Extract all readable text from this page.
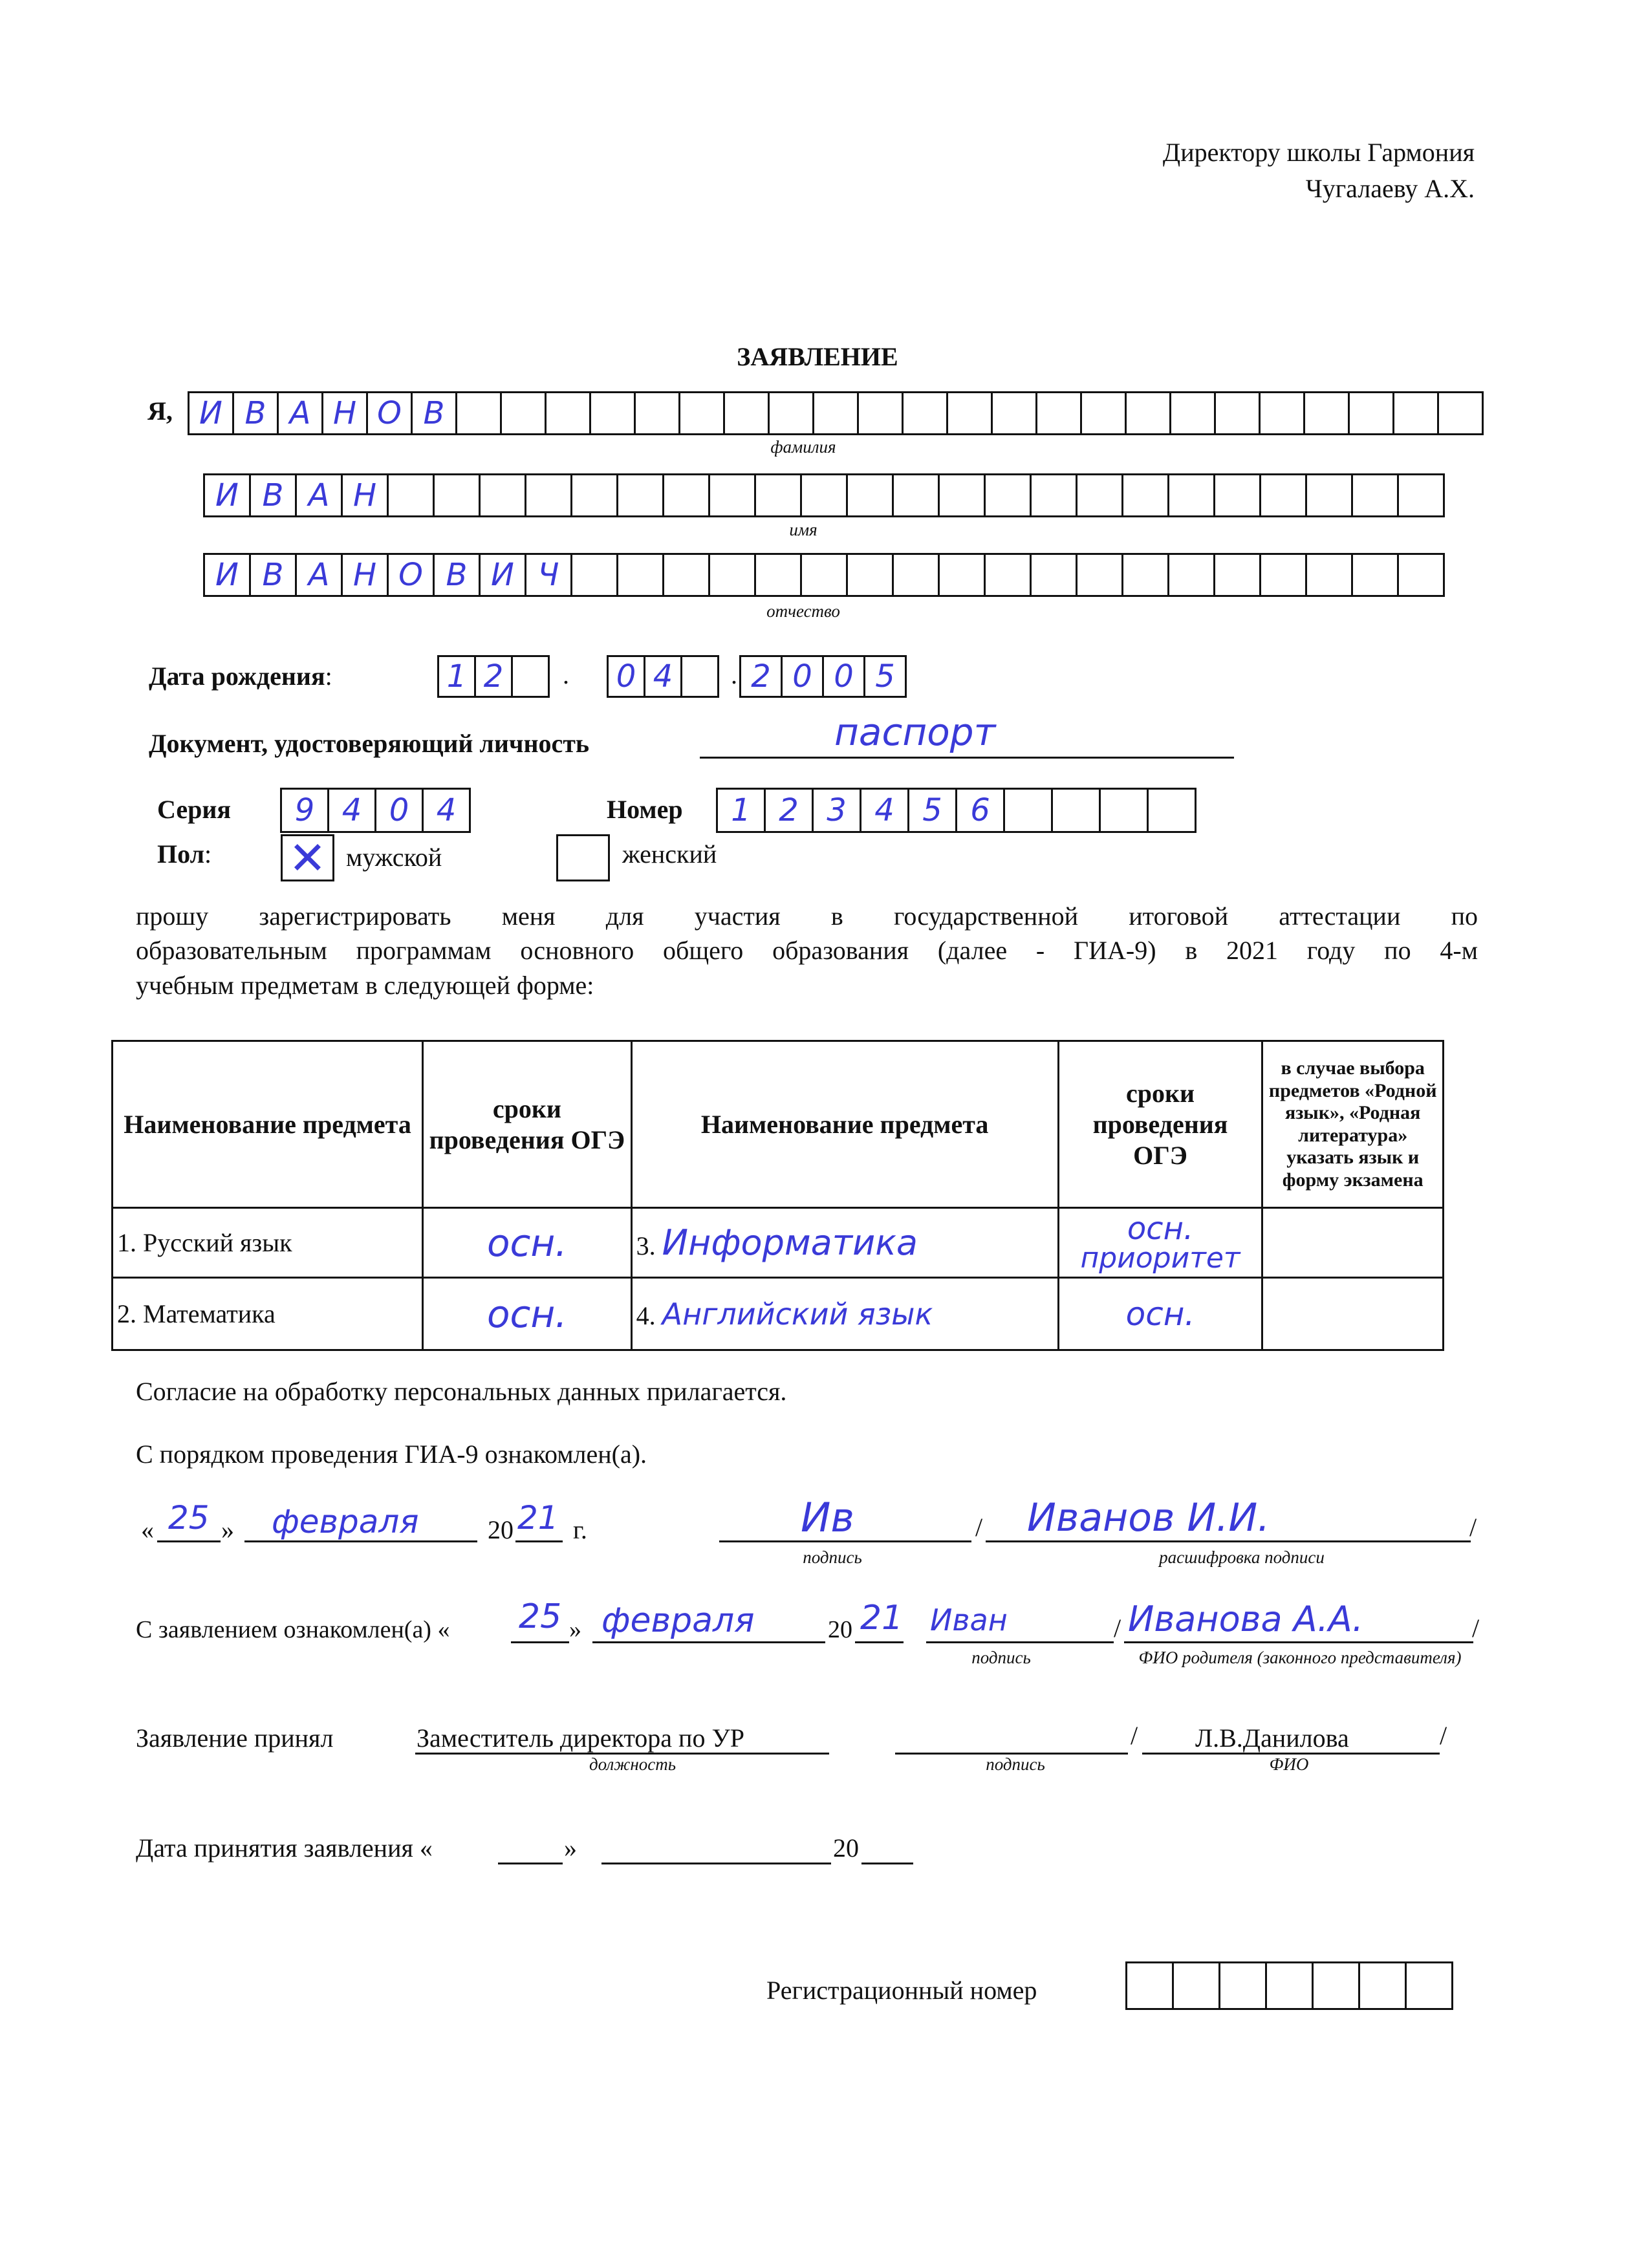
Директору школы Гармония
Чугалаеву А.Х.
ЗАЯВЛЕНИЕ
Я, И В А Н О В
фамилия
И В А Н
имя
И В А Н О В И Ч
отчество
Дата рождения:	1 2	. 0 4	. 2 0 0 5
Документ, удостоверяющий личность	паспорт
Серия	9 4 0 4	Номер	1 2 3 4 5 6
Пол: ✕ мужской	женский
прошу зарегистрировать меня для участия в государственной итоговой аттестации по
образовательным программам основного общего образования (далее - ГИА-9) в 2021 году по 4-м
учебным предметам в следующей форме:
Наименование предмета	сроки проведения ОГЭ	Наименование предмета	сроки проведения ОГЭ	в случае выбора предметов «Родной язык», «Родная литература» указать язык и форму экзамена
1. Русский язык	осн.	3. Информатика	осн.
приоритет	

2. Математика	осн.	4. Английский язык	осн.	
Согласие на обработку персональных данных прилагается.
С порядком проведения ГИА-9 ознакомлен(а).
« 25 » февраля	20 21 г.	Ив	/ Иванов И.И.	/
подпись	расшифровка подписи
С заявлением ознакомлен(а) « 25 » февраля	20 21 Иван	/ Иванова А.А.	/
подпись	ФИО родителя (законного представителя)
Заявление принял	Заместитель директора по УР
должность
/ Л.В.Данилова	/
подпись	ФИО
Дата принятия заявления «	»	20
Регистрационный номер
